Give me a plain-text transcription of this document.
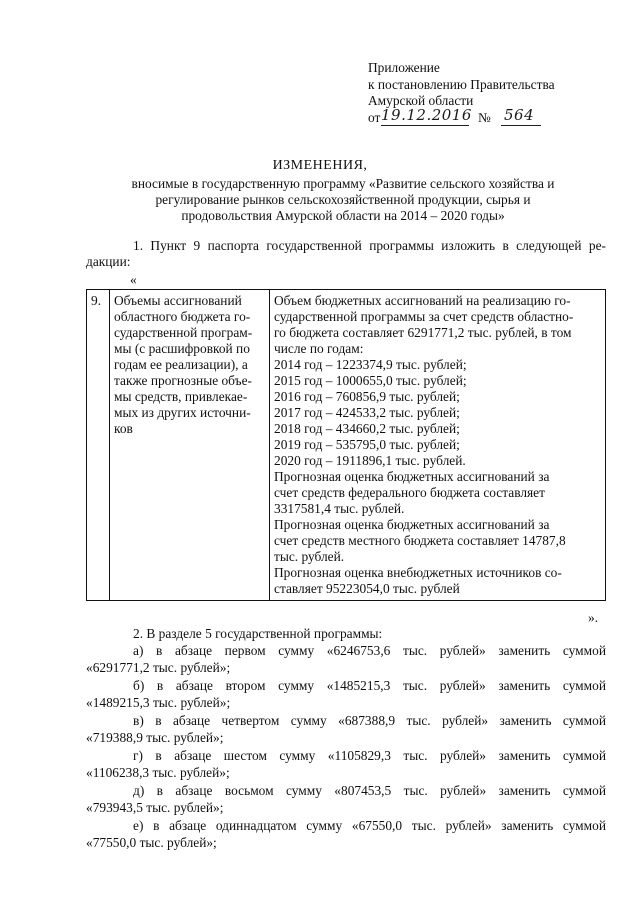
Приложение
к постановлению Правительства
Амурской области
от 19.12.2016 № 564
ИЗМЕНЕНИЯ,
вносимые в государственную программу «Развитие сельского хозяйства и
регулирование рынков сельскохозяйственной продукции, сырья и
продовольствия Амурской области на 2014 – 2020 годы»
1. Пункт 9 паспорта государственной программы изложить в следующей ре-
дакции:
«
9.	Объемы ассигнований
областного бюджета го-
сударственной програм-
мы (с расшифровкой по
годам ее реализации), а
также прогнозные объе-
мы средств, привлекае-
мых из других источни-
ков

Объем бюджетных ассигнований на реализацию го-
сударственной программы за счет средств областно-
го бюджета составляет 6291771,2 тыс. рублей, в том
числе по годам:
2014 год – 1223374,9 тыс. рублей;
2015 год – 1000655,0 тыс. рублей;
2016 год – 760856,9 тыс. рублей;
2017 год – 424533,2 тыс. рублей;
2018 год – 434660,2 тыс. рублей;
2019 год – 535795,0 тыс. рублей;
2020 год – 1911896,1 тыс. рублей.
Прогнозная оценка бюджетных ассигнований за
счет средств федерального бюджета составляет
3317581,4 тыс. рублей.
Прогнозная оценка бюджетных ассигнований за
счет средств местного бюджета составляет 14787,8
тыс. рублей.
Прогнозная оценка внебюджетных источников со-
ставляет 95223054,0 тыс. рублей
».
2. В разделе 5 государственной программы:
а) в абзаце первом сумму «6246753,6 тыс. рублей» заменить суммой
«6291771,2 тыс. рублей»;
б) в абзаце втором сумму «1485215,3 тыс. рублей» заменить суммой
«1489215,3 тыс. рублей»;
в) в абзаце четвертом сумму «687388,9 тыс. рублей» заменить суммой
«719388,9 тыс. рублей»;
г) в абзаце шестом сумму «1105829,3 тыс. рублей» заменить суммой
«1106238,3 тыс. рублей»;
д) в абзаце восьмом сумму «807453,5 тыс. рублей» заменить суммой
«793943,5 тыс. рублей»;
е) в абзаце одиннадцатом сумму «67550,0 тыс. рублей» заменить суммой
«77550,0 тыс. рублей»;
